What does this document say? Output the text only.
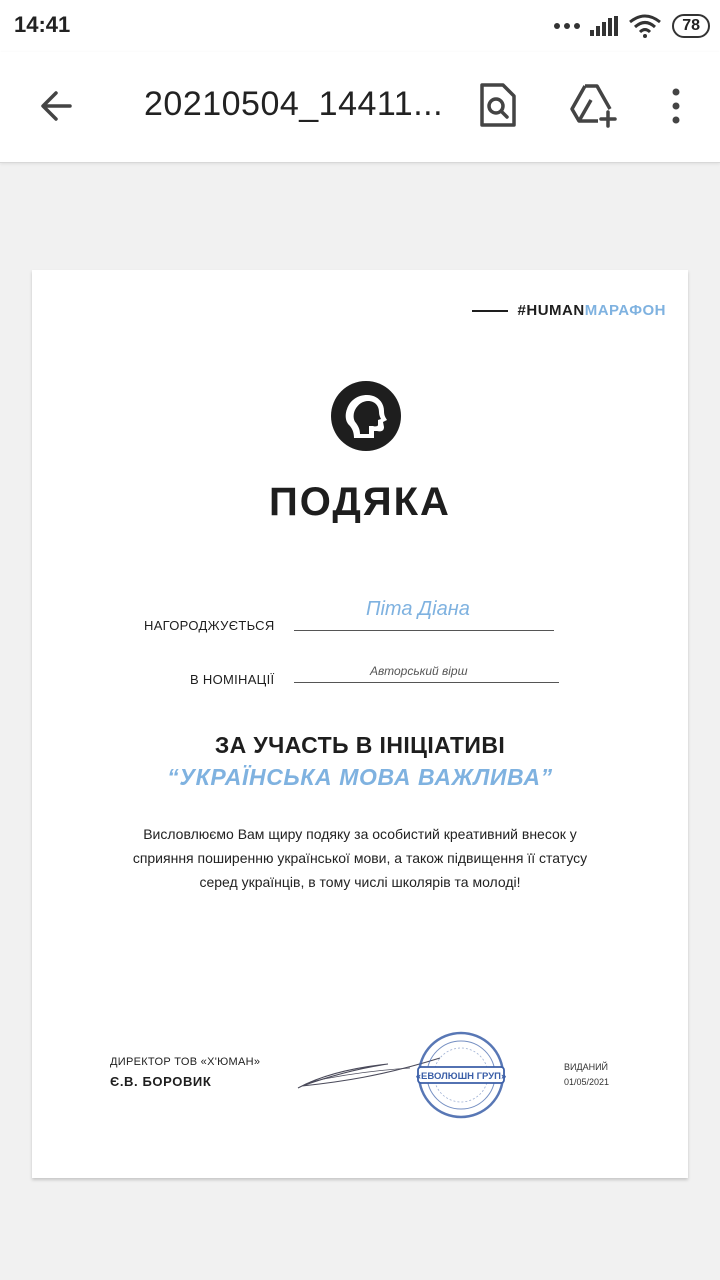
14:41	78
20210504_14411...
#HUMANМАРАФОН
ПОДЯКА
НАГОРОДЖУЄТЬСЯ
Піта Діана
В НОМІНАЦІЇ
Авторський вірш
ЗА УЧАСТЬ В ІНІЦІАТИВІ
“УКРАЇНСЬКА МОВА ВАЖЛИВА”
Висловлюємо Вам щиру подяку за особистий креативний внесок у
сприяння поширенню української мови, а також підвищення її статусу
серед українців, в тому числі школярів та молоді!
ДИРЕКТОР ТОВ «Х'ЮМАН»
Є.В. БОРОВИК	«ЕВОЛЮШН ГРУП»
ВИДАНИЙ
01/05/2021
